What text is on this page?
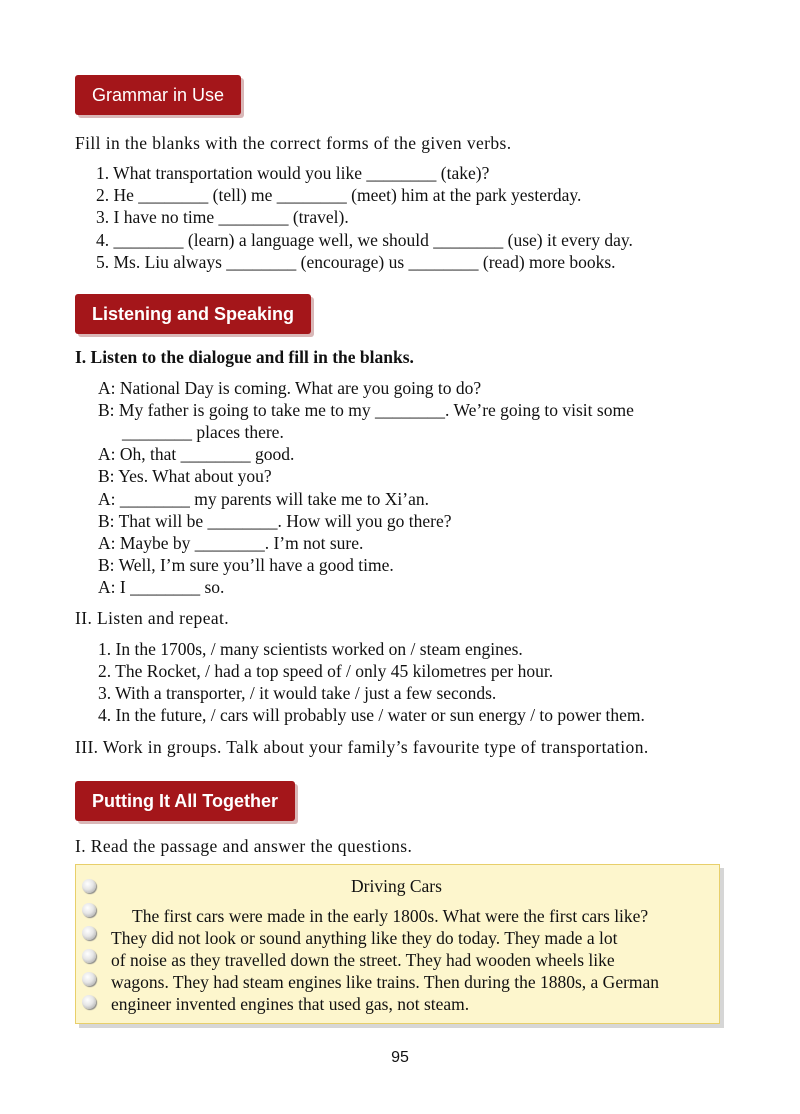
Grammar in Use
Fill in the blanks with the correct forms of the given verbs.
1. What transportation would you like ________ (take)?
2. He ________ (tell) me ________ (meet) him at the park yesterday.
3. I have no time ________ (travel).
4. ________ (learn) a language well, we should ________ (use) it every day.
5. Ms. Liu always ________ (encourage) us ________ (read) more books.
Listening and Speaking
I. Listen to the dialogue and fill in the blanks.
A: National Day is coming. What are you going to do?
B: My father is going to take me to my ________. We’re going to visit some
________ places there.
A: Oh, that ________ good.
B: Yes. What about you?
A: ________ my parents will take me to Xi’an.
B: That will be ________. How will you go there?
A: Maybe by ________. I’m not sure.
B: Well, I’m sure you’ll have a good time.
A: I ________ so.
II. Listen and repeat.
1. In the 1700s, / many scientists worked on / steam engines.
2. The Rocket, / had a top speed of / only 45 kilometres per hour.
3. With a transporter, / it would take / just a few seconds.
4. In the future, / cars will probably use / water or sun energy / to power them.
III. Work in groups. Talk about your family’s favourite type of transportation.
Putting It All Together
I. Read the passage and answer the questions.
Driving Cars
The first cars were made in the early 1800s. What were the first cars like?
They did not look or sound anything like they do today. They made a lot
of noise as they travelled down the street. They had wooden wheels like
wagons. They had steam engines like trains. Then during the 1880s, a German
engineer invented engines that used gas, not steam.
95
